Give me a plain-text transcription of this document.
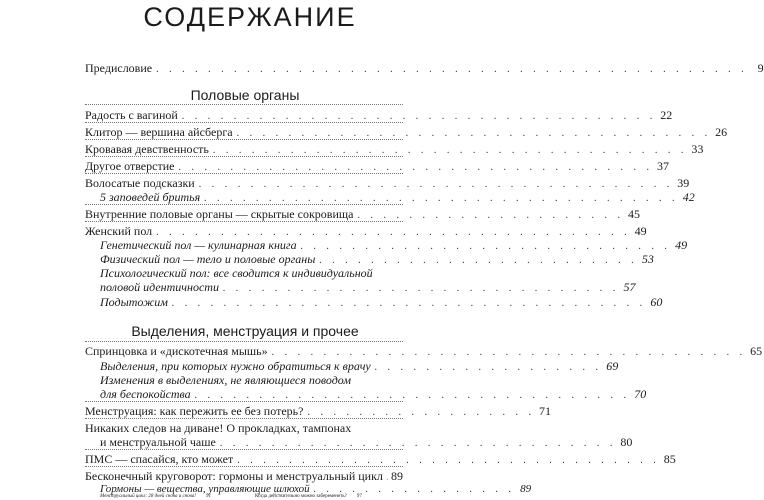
СОДЕРЖАНИЕ
Предисловие . . . . . . . . . . . . . . . . . . . . . . . . . . . . . . . . . . . . . . . . . . . . . . 9
Половые органы
Радость с вагиной . . . . . . . . . . . . . . . . . . . . . . . . . . . . . . . . . . . . . 22
Клитор — вершина айсберга . . . . . . . . . . . . . . . . . . . . . . . . . . . . . . . . . . . . . 26
Кровавая девственность . . . . . . . . . . . . . . . . . . . . . . . . . . . . . . . . . . . . . 33
Другое отверстие . . . . . . . . . . . . . . . . . . . . . . . . . . . . . . . . . . . . . 37
Волосатые подсказки . . . . . . . . . . . . . . . . . . . . . . . . . . . . . . . . . . . . . 39
5 заповедей бритья . . . . . . . . . . . . . . . . . . . . . . . . . . . . . . . . . . . . . 42
Внутренние половые органы — скрытые сокровища . . . . . . . . . . . . . . . . . . . . . 45
Женский пол . . . . . . . . . . . . . . . . . . . . . . . . . . . . . . . . . . . . . 49
Генетический пол — кулинарная книга . . . . . . . . . . . . . . . . . . . . . . . . . . . . . 49
Физический пол — тело и половые органы . . . . . . . . . . . . . . . . . . . . . . . . . 53
Психологический пол: все сводится к индивидуальной
половой идентичности . . . . . . . . . . . . . . . . . . . . . . . . . . . . . . . 57
Подытожим . . . . . . . . . . . . . . . . . . . . . . . . . . . . . . . . . . . . . 60
Выделения, менструация и прочее
Спринцовка и «дискотечная мышь» . . . . . . . . . . . . . . . . . . . . . . . . . . . . . . . . . . . . . 65
Выделения, при которых нужно обратиться к врачу . . . . . . . . . . . . . . . . . . 69
Изменения в выделениях, не являющиеся поводом
для беспокойства . . . . . . . . . . . . . . . . . . . . . . . . . . . . . . . . . . 70
Менструация: как пережить ее без потерь? . . . . . . . . . . . . . . . . . . 71
Никаких следов на диване! О прокладках, тампонах
и менструальной чаше . . . . . . . . . . . . . . . . . . . . . . . . . . . . . . . 80
ПМС — спасайся, кто может . . . . . . . . . . . . . . . . . . . . . . . . . . . . . . . . . 85
Бесконечный круговорот: гормоны и менструальный цикл 89
Гормоны — вещества, управляющие шлюхой . . . . . . . . . . . . . . . . 89
Менструальный цикл: 28 дней снова и снова!	91	Когда действительно можно забеременеть?	97
